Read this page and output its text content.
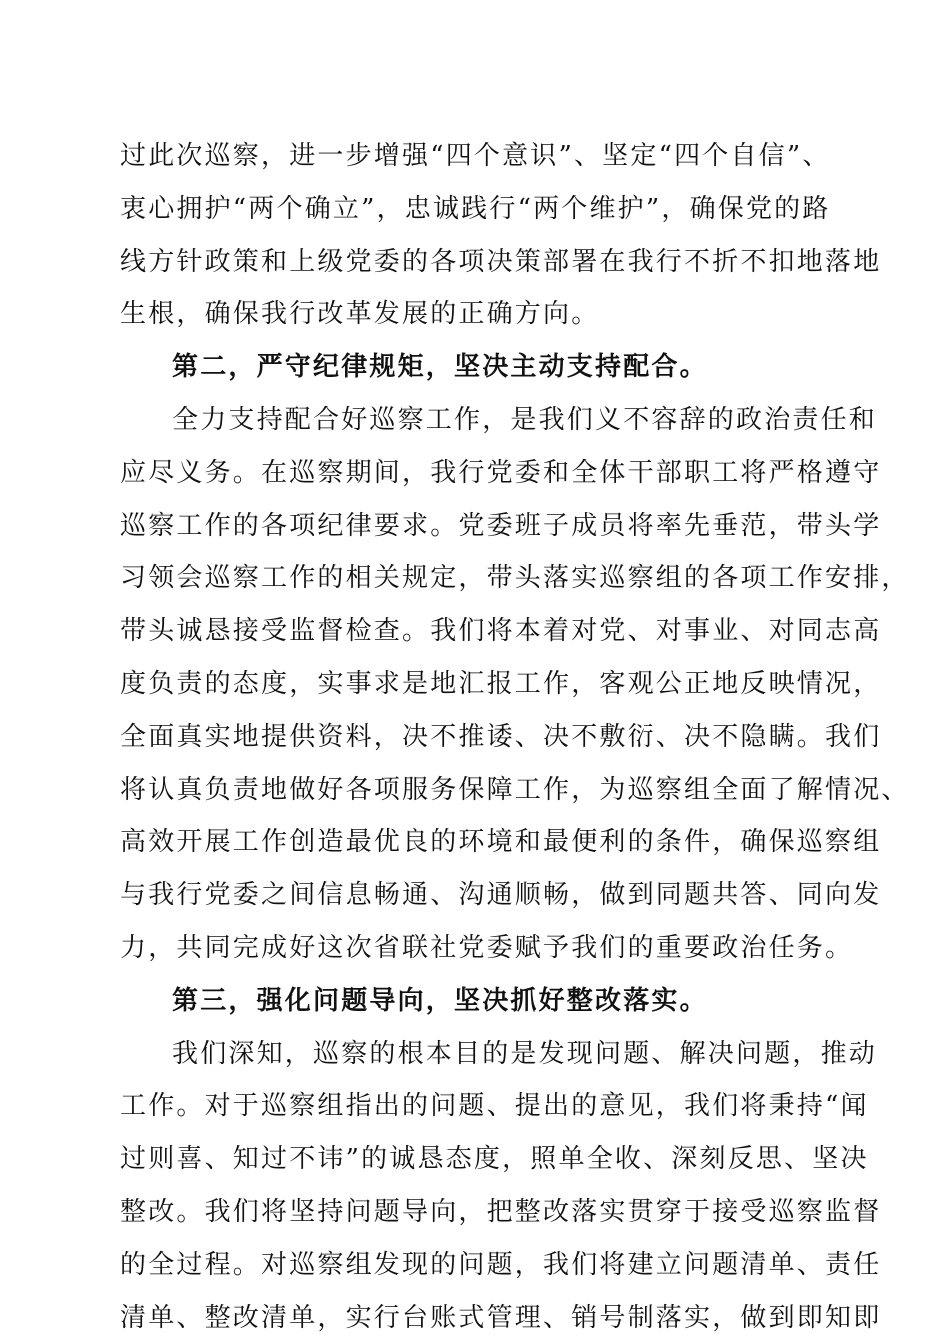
过此次巡察，进一步增强“四个意识”、坚定“四个自信”、
衷心拥护“两个确立”，忠诚践行“两个维护”，确保党的路
线方针政策和上级党委的各项决策部署在我行不折不扣地落地
生根，确保我行改革发展的正确方向。
第二，严守纪律规矩，坚决主动支持配合。
全力支持配合好巡察工作，是我们义不容辞的政治责任和
应尽义务。在巡察期间，我行党委和全体干部职工将严格遵守
巡察工作的各项纪律要求。党委班子成员将率先垂范，带头学
习领会巡察工作的相关规定，带头落实巡察组的各项工作安排，
带头诚恳接受监督检查。我们将本着对党、对事业、对同志高
度负责的态度，实事求是地汇报工作，客观公正地反映情况，
全面真实地提供资料，决不推诿、决不敷衍、决不隐瞒。我们
将认真负责地做好各项服务保障工作，为巡察组全面了解情况、
高效开展工作创造最优良的环境和最便利的条件，确保巡察组
与我行党委之间信息畅通、沟通顺畅，做到同题共答、同向发
力，共同完成好这次省联社党委赋予我们的重要政治任务。
第三，强化问题导向，坚决抓好整改落实。
我们深知，巡察的根本目的是发现问题、解决问题，推动
工作。对于巡察组指出的问题、提出的意见，我们将秉持“闻
过则喜、知过不讳”的诚恳态度，照单全收、深刻反思、坚决
整改。我们将坚持问题导向，把整改落实贯穿于接受巡察监督
的全过程。对巡察组发现的问题，我们将建立问题清单、责任
清单、整改清单，实行台账式管理、销号制落实，做到即知即
